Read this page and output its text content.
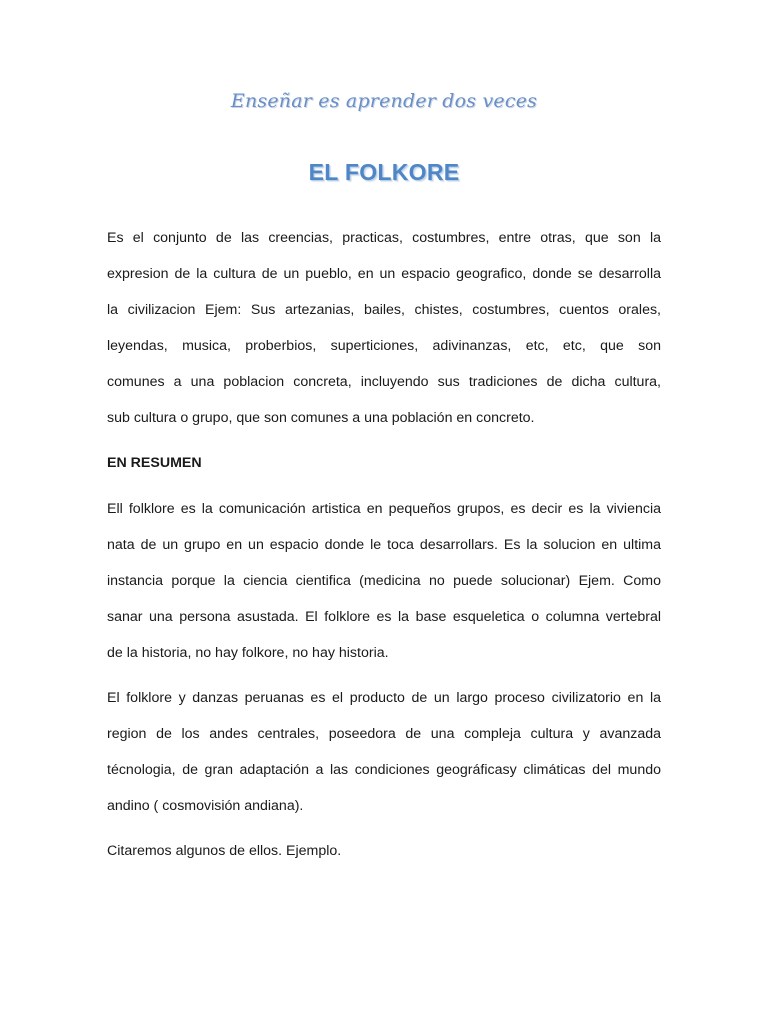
Enseñar es aprender dos veces
EL FOLKORE
Es el conjunto de las creencias, practicas, costumbres, entre otras, que son la
expresion de la cultura de un pueblo, en un espacio geografico, donde se desarrolla
la civilizacion Ejem: Sus artezanias, bailes, chistes, costumbres, cuentos orales,
leyendas, musica, proberbios, superticiones, adivinanzas, etc, etc, que son
comunes a una poblacion concreta, incluyendo sus tradiciones de dicha cultura,
sub cultura o grupo, que son comunes a una población en concreto.
EN RESUMEN
Ell folklore es la comunicación artistica en pequeños grupos, es decir es la viviencia
nata de un grupo en un espacio donde le toca desarrollars. Es la solucion en ultima
instancia porque la ciencia cientifica (medicina no puede solucionar) Ejem. Como
sanar una persona asustada. El folklore es la base esqueletica o columna vertebral
de la historia, no hay folkore, no hay historia.
El folklore y danzas peruanas es el producto de un largo proceso civilizatorio en la
region de los andes centrales, poseedora de una compleja cultura y avanzada
técnologia, de gran adaptación a las condiciones geográficasy climáticas del mundo
andino ( cosmovisión andiana).
Citaremos algunos de ellos. Ejemplo.
